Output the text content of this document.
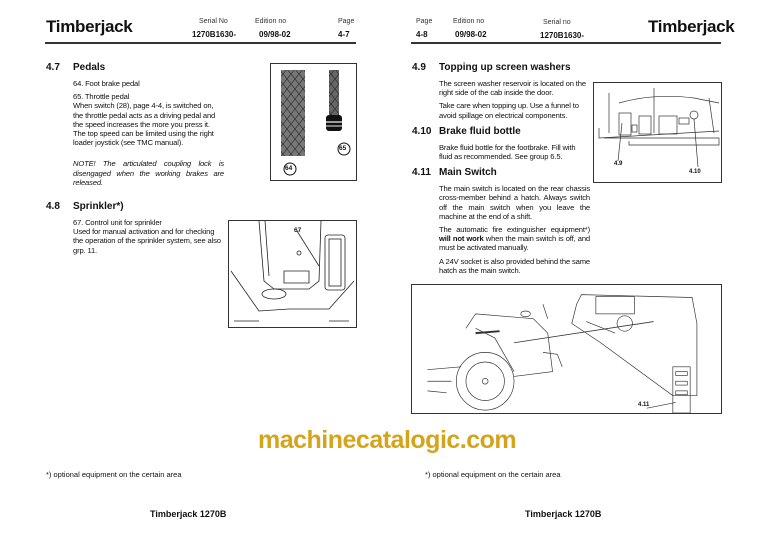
Timberjack	Serial No
1270B1630-
Edition no
09/98-02
Page
4-7
4.7 Pedals

64. Foot brake pedal

65. Throttle pedal

When switch (28), page 4-4, is switched on, the throttle pedal acts as a driving pedal and the speed increases the more you press it. The top speed can be limited using the right loader joystick (see TMC manual).

NOTE! The articulated coupling lock is disengaged when the working brakes are released.

4.8 Sprinkler*)
67. Control unit for sprinkler
Used for manual activation and for checking the operation of the sprinkler system, see also grp. 11.
65
64
67
*) optional equipment on the certain area
Timberjack 1270B
Page
4-8
Edition no
09/98-02
Serial no
1270B1630-	Timberjack
4.9 Topping up screen washers

The screen washer reservoir is located on the right side of the cab inside the door.

Take care when topping up. Use a funnel to avoid spillage on electrical components.

4.10 Brake fluid bottle

Brake fluid bottle for the footbrake. Fill with fluid as recommended. See group 6.5.

4.11 Main Switch

The main switch is located on the rear chassis cross-member behind a hatch. Always switch off the main switch when you leave the machine at the end of a shift.

The automatic fire extinguisher equipment*) will not work when the main switch is off, and must be activated manually.

A 24V socket is also provided behind the same hatch as the main switch.

4.9
4.10
4.11
*) optional equipment on the certain area
Timberjack 1270B
machinecatalogic.com
